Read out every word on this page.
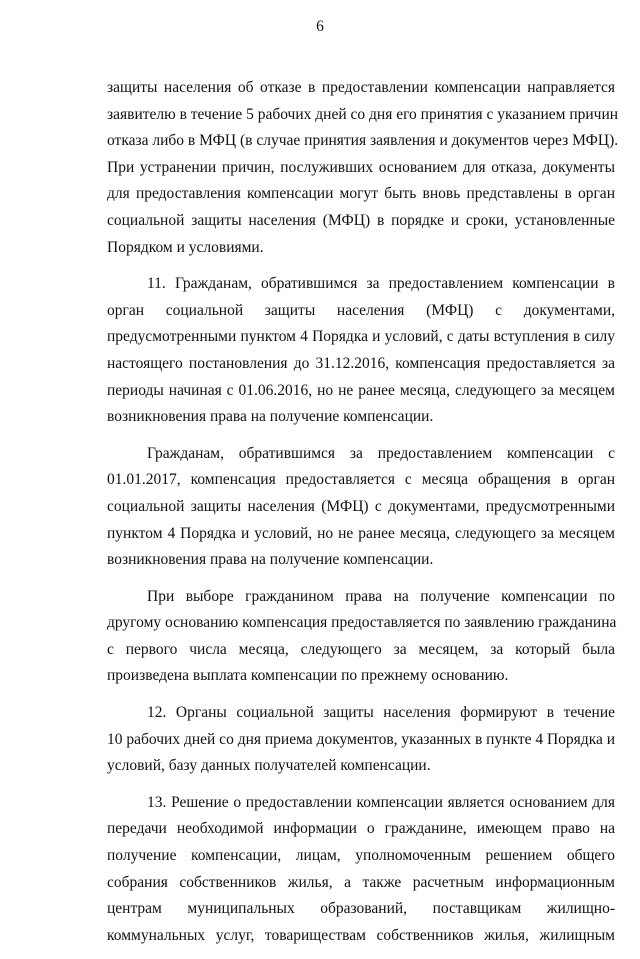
6
защиты населения об отказе в предоставлении компенсации направляется
заявителю в течение 5 рабочих дней со дня его принятия с указанием причин
отказа либо в МФЦ (в случае принятия заявления и документов через МФЦ).
При устранении причин, послуживших основанием для отказа, документы
для предоставления компенсации могут быть вновь представлены в орган
социальной защиты населения (МФЦ) в порядке и сроки, установленные
Порядком и условиями.
11. Гражданам, обратившимся за предоставлением компенсации в
орган социальной защиты населения (МФЦ) с документами,
предусмотренными пунктом 4 Порядка и условий, с даты вступления в силу
настоящего постановления до 31.12.2016, компенсация предоставляется за
периоды начиная с 01.06.2016, но не ранее месяца, следующего за месяцем
возникновения права на получение компенсации.
Гражданам, обратившимся за предоставлением компенсации с
01.01.2017, компенсация предоставляется с месяца обращения в орган
социальной защиты населения (МФЦ) с документами, предусмотренными
пунктом 4 Порядка и условий, но не ранее месяца, следующего за месяцем
возникновения права на получение компенсации.
При выборе гражданином права на получение компенсации по
другому основанию компенсация предоставляется по заявлению гражданина
с первого числа месяца, следующего за месяцем, за который была
произведена выплата компенсации по прежнему основанию.
12. Органы социальной защиты населения формируют в течение
10 рабочих дней со дня приема документов, указанных в пункте 4 Порядка и
условий, базу данных получателей компенсации.
13. Решение о предоставлении компенсации является основанием для
передачи необходимой информации о гражданине, имеющем право на
получение компенсации, лицам, уполномоченным решением общего
собрания собственников жилья, а также расчетным информационным
центрам муниципальных образований, поставщикам жилищно-
коммунальных услуг, товариществам собственников жилья, жилищным
